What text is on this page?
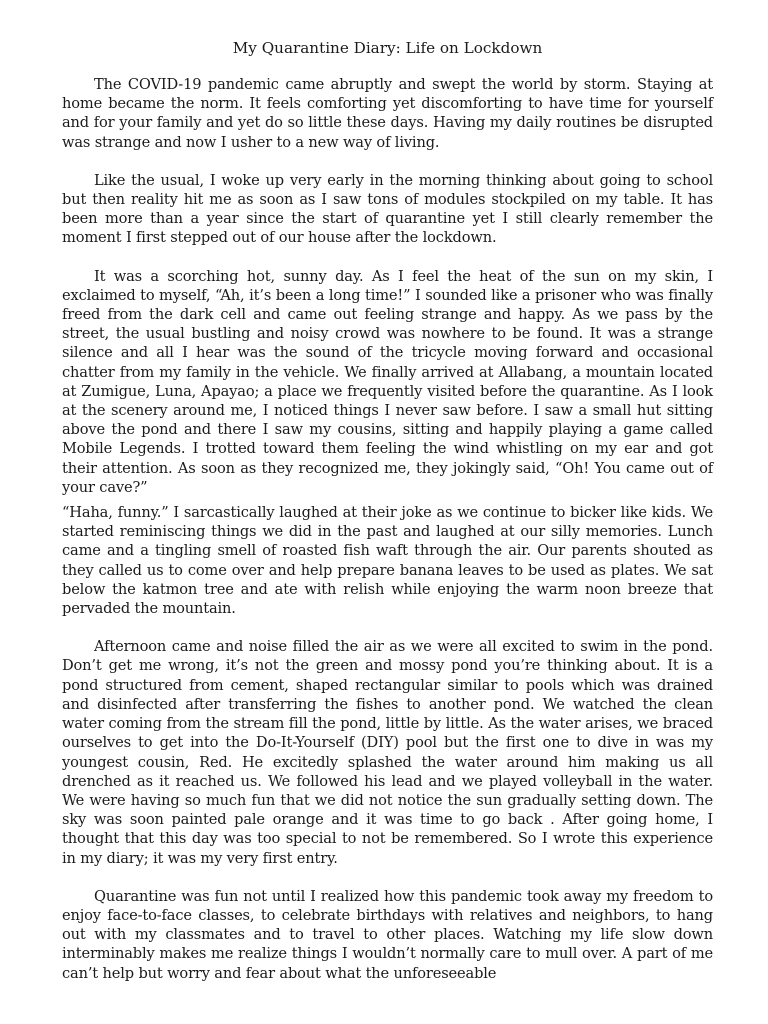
My Quarantine Diary: Life on Lockdown

The COVID-19 pandemic came abruptly and swept the world by storm. Staying at home became the norm. It feels comforting yet discomforting to have time for yourself and for your family and yet do so little these days. Having my daily routines be disrupted was strange and now I usher to a new way of living.

Like the usual, I woke up very early in the morning thinking about going to school but then reality hit me as soon as I saw tons of modules stockpiled on my table. It has been more than a year since the start of quarantine yet I still clearly remember the moment I first stepped out of our house after the lockdown.

It was a scorching hot, sunny day. As I feel the heat of the sun on my skin, I exclaimed to myself, “Ah, it’s been a long time!” I sounded like a prisoner who was finally freed from the dark cell and came out feeling strange and happy. As we pass by the street, the usual bustling and noisy crowd was nowhere to be found. It was a strange silence and all I hear was the sound of the tricycle moving forward and occasional chatter from my family in the vehicle. We finally arrived at Allabang, a mountain located at Zumigue, Luna, Apayao; a place we frequently visited before the quarantine. As I look at the scenery around me, I noticed things I never saw before. I saw a small hut sitting above the pond and there I saw my cousins, sitting and happily playing a game called Mobile Legends. I trotted toward them feeling the wind whistling on my ear and got their attention. As soon as they recognized me, they jokingly said, “Oh! You came out of your cave?”

“Haha, funny.” I sarcastically laughed at their joke as we continue to bicker like kids. We started reminiscing things we did in the past and laughed at our silly memories. Lunch came and a tingling smell of roasted fish waft through the air. Our parents shouted as they called us to come over and help prepare banana leaves to be used as plates. We sat below the katmon tree and ate with relish while enjoying the warm noon breeze that pervaded the mountain.

Afternoon came and noise filled the air as we were all excited to swim in the pond. Don’t get me wrong, it’s not the green and mossy pond you’re thinking about. It is a pond structured from cement, shaped rectangular similar to pools which was drained and disinfected after transferring the fishes to another pond. We watched the clean water coming from the stream fill the pond, little by little. As the water arises, we braced ourselves to get into the Do-It-Yourself (DIY) pool but the first one to dive in was my youngest cousin, Red. He excitedly splashed the water around him making us all drenched as it reached us. We followed his lead and we played volleyball in the water. We were having so much fun that we did not notice the sun gradually setting down. The sky was soon painted pale orange and it was time to go back . After going home, I thought that this day was too special to not be remembered. So I wrote this experience in my diary; it was my very first entry.

Quarantine was fun not until I realized how this pandemic took away my freedom to enjoy face-to-face classes, to celebrate birthdays with relatives and neighbors, to hang out with my classmates and to travel to other places. Watching my life slow down interminably makes me realize things I wouldn’t normally care to mull over. A part of me can’t help but worry and fear about what the unforeseeable
